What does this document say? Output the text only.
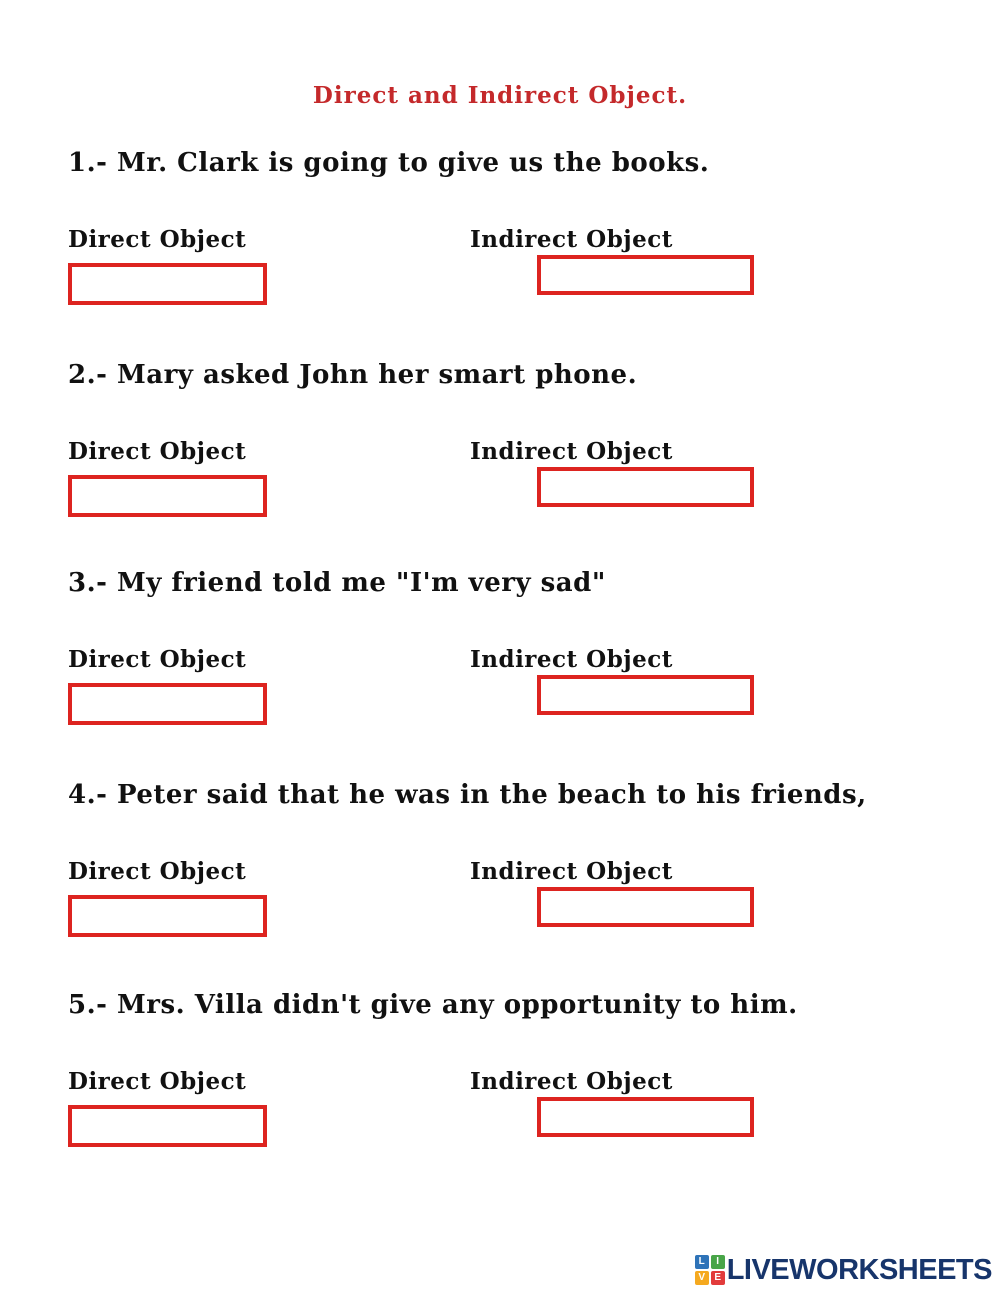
Direct and Indirect Object.
1.- Mr. Clark is going to give us the books.
Direct Object	Indirect Object
2.- Mary asked John her smart phone.
Direct Object	Indirect Object
3.- My friend told me "I'm very sad"
Direct Object	Indirect Object
4.- Peter said that he was in the beach to his friends,
Direct Object	Indirect Object
5.- Mrs. Villa didn't give any opportunity to him.
Direct Object	Indirect Object
L	I
V E LIVEWORKSHEETS
